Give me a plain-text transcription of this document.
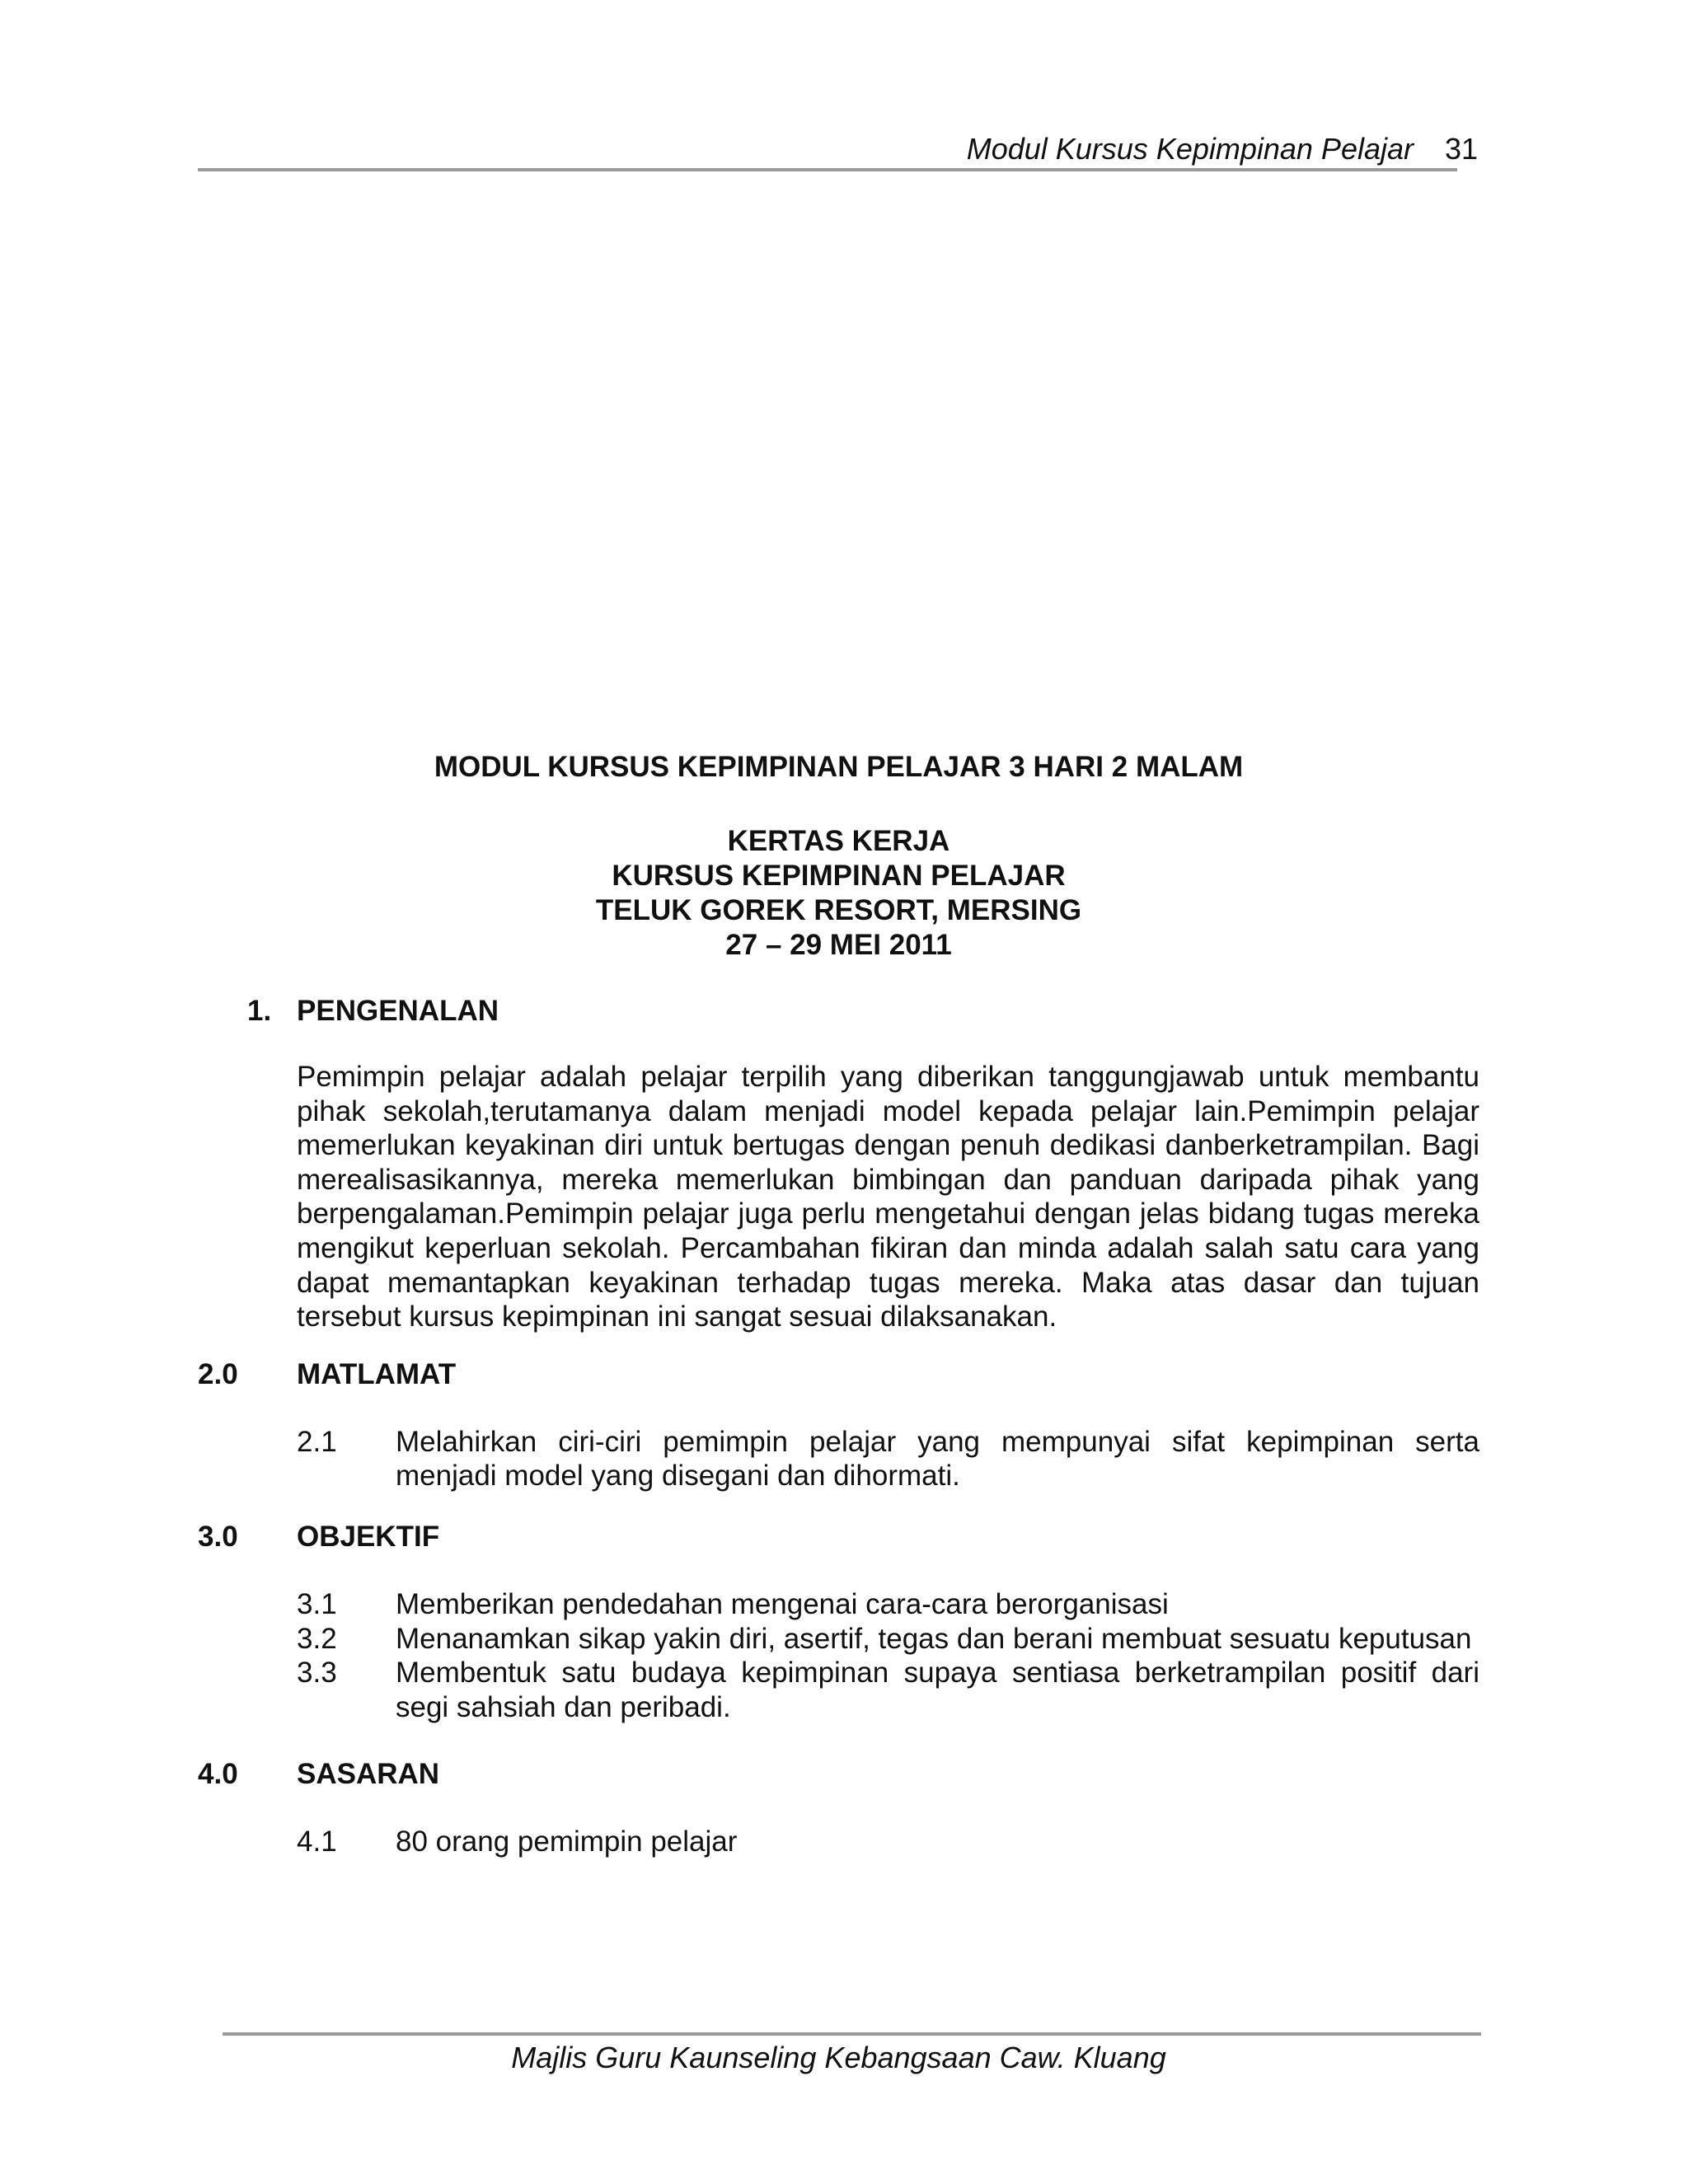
Modul Kursus Kepimpinan Pelajar 31

MODUL KURSUS KEPIMPINAN PELAJAR 3 HARI 2 MALAM

KERTAS KERJA

KURSUS KEPIMPINAN PELAJAR

TELUK GOREK RESORT, MERSING

27 – 29 MEI 2011

1. PENGENALAN

Pemimpin pelajar adalah pelajar terpilih yang diberikan tanggungjawab untuk membantu pihak sekolah,terutamanya dalam menjadi model kepada pelajar lain.Pemimpin pelajar memerlukan keyakinan diri untuk bertugas dengan penuh dedikasi danberketrampilan. Bagi merealisasikannya, mereka memerlukan bimbingan dan panduan daripada pihak yang berpengalaman.Pemimpin pelajar juga perlu mengetahui dengan jelas bidang tugas mereka mengikut keperluan sekolah. Percambahan fikiran dan minda adalah salah satu cara yang dapat memantapkan keyakinan terhadap tugas mereka. Maka atas dasar dan tujuan tersebut kursus kepimpinan ini sangat sesuai dilaksanakan.

2.0 MATLAMAT
2.1 Melahirkan ciri-ciri pemimpin pelajar yang mempunyai sifat kepimpinan serta menjadi model yang disegani dan dihormati.
3.0 OBJEKTIF
3.1 Memberikan pendedahan mengenai cara-cara berorganisasi
3.2 Menanamkan sikap yakin diri, asertif, tegas dan berani membuat sesuatu keputusan
3.3 Membentuk satu budaya kepimpinan supaya sentiasa berketrampilan positif dari segi sahsiah dan peribadi.
4.0 SASARAN
4.1 80 orang pemimpin pelajar
Majlis Guru Kaunseling Kebangsaan Caw. Kluang
